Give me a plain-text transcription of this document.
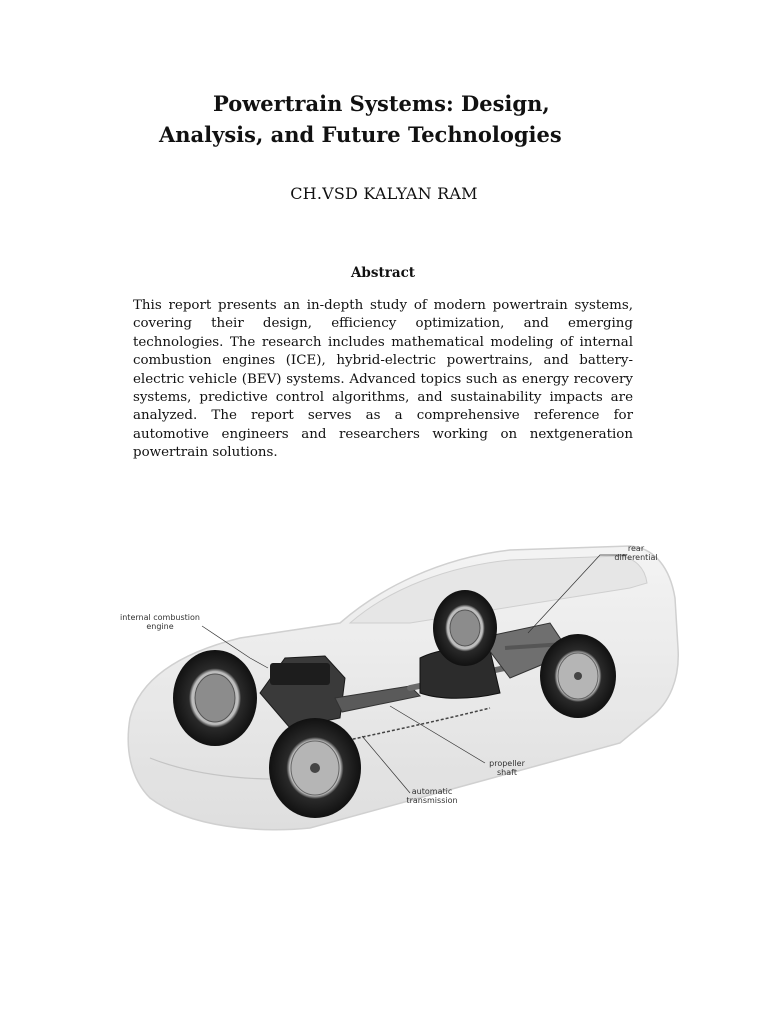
Powertrain Systems: Design,
Analysis, and Future Technologies
CH.VSD KALYAN RAM
Abstract
This report presents an in-depth study of modern powertrain systems, covering their design, efficiency optimization, and emerging technologies. The research includes mathematical modeling of internal combustion engines (ICE), hybrid-electric powertrains, and battery-electric vehicle (BEV) systems. Advanced topics such as energy recovery systems, predictive control algorithms, and sustainability impacts are analyzed. The report serves as a comprehensive reference for automotive engineers and researchers working on nextgeneration powertrain solutions.
internal combustion
engine
rear
differential
propeller
shaft
automatic
transmission
